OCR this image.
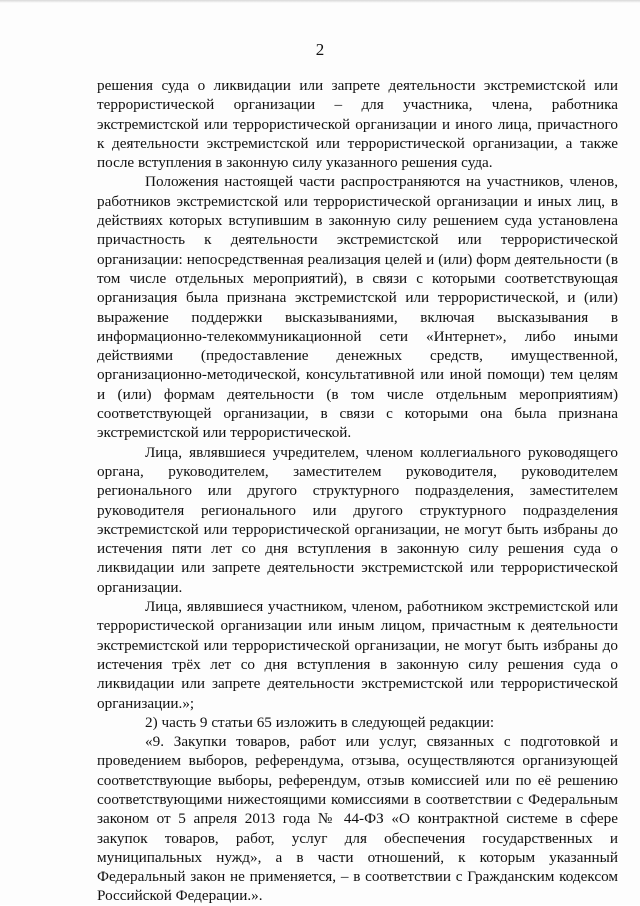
2

решения суда о ликвидации или запрете деятельности экстремистской или террористической организации – для участника, члена, работника экстремистской или террористической организации и иного лица, причастного к деятельности экстремистской или террористической организации, а также после вступления в законную силу указанного решения суда.

Положения настоящей части распространяются на участников, членов, работников экстремистской или террористической организации и иных лиц, в действиях которых вступившим в законную силу решением суда установлена причастность к деятельности экстремистской или террористической организации: непосредственная реализация целей и (или) форм деятельности (в том числе отдельных мероприятий), в связи с которыми соответствующая организация была признана экстремистской или террористической, и (или) выражение поддержки высказываниями, включая высказывания в информационно-телекоммуникационной сети «Интернет», либо иными действиями (предоставление денежных средств, имущественной, организационно-методической, консультативной или иной помощи) тем целям и (или) формам деятельности (в том числе отдельным мероприятиям) соответствующей организации, в связи с которыми она была признана экстремистской или террористической.

Лица, являвшиеся учредителем, членом коллегиального руководящего органа, руководителем, заместителем руководителя, руководителем регионального или другого структурного подразделения, заместителем руководителя регионального или другого структурного подразделения экстремистской или террористической организации, не могут быть избраны до истечения пяти лет со дня вступления в законную силу решения суда о ликвидации или запрете деятельности экстремистской или террористической организации.

Лица, являвшиеся участником, членом, работником экстремистской или террористической организации или иным лицом, причастным к деятельности экстремистской или террористической организации, не могут быть избраны до истечения трёх лет со дня вступления в законную силу решения суда о ликвидации или запрете деятельности экстремистской или террористической организации.»;

2) часть 9 статьи 65 изложить в следующей редакции:

«9. Закупки товаров, работ или услуг, связанных с подготовкой и проведением выборов, референдума, отзыва, осуществляются организующей соответствующие выборы, референдум, отзыв комиссией или по её решению соответствующими нижестоящими комиссиями в соответствии с Федеральным законом от 5 апреля 2013 года № 44-ФЗ «О контрактной системе в сфере закупок товаров, работ, услуг для обеспечения государственных и муниципальных нужд», а в части отношений, к которым указанный Федеральный закон не применяется, – в соответствии с Гражданским кодексом Российской Федерации.».
